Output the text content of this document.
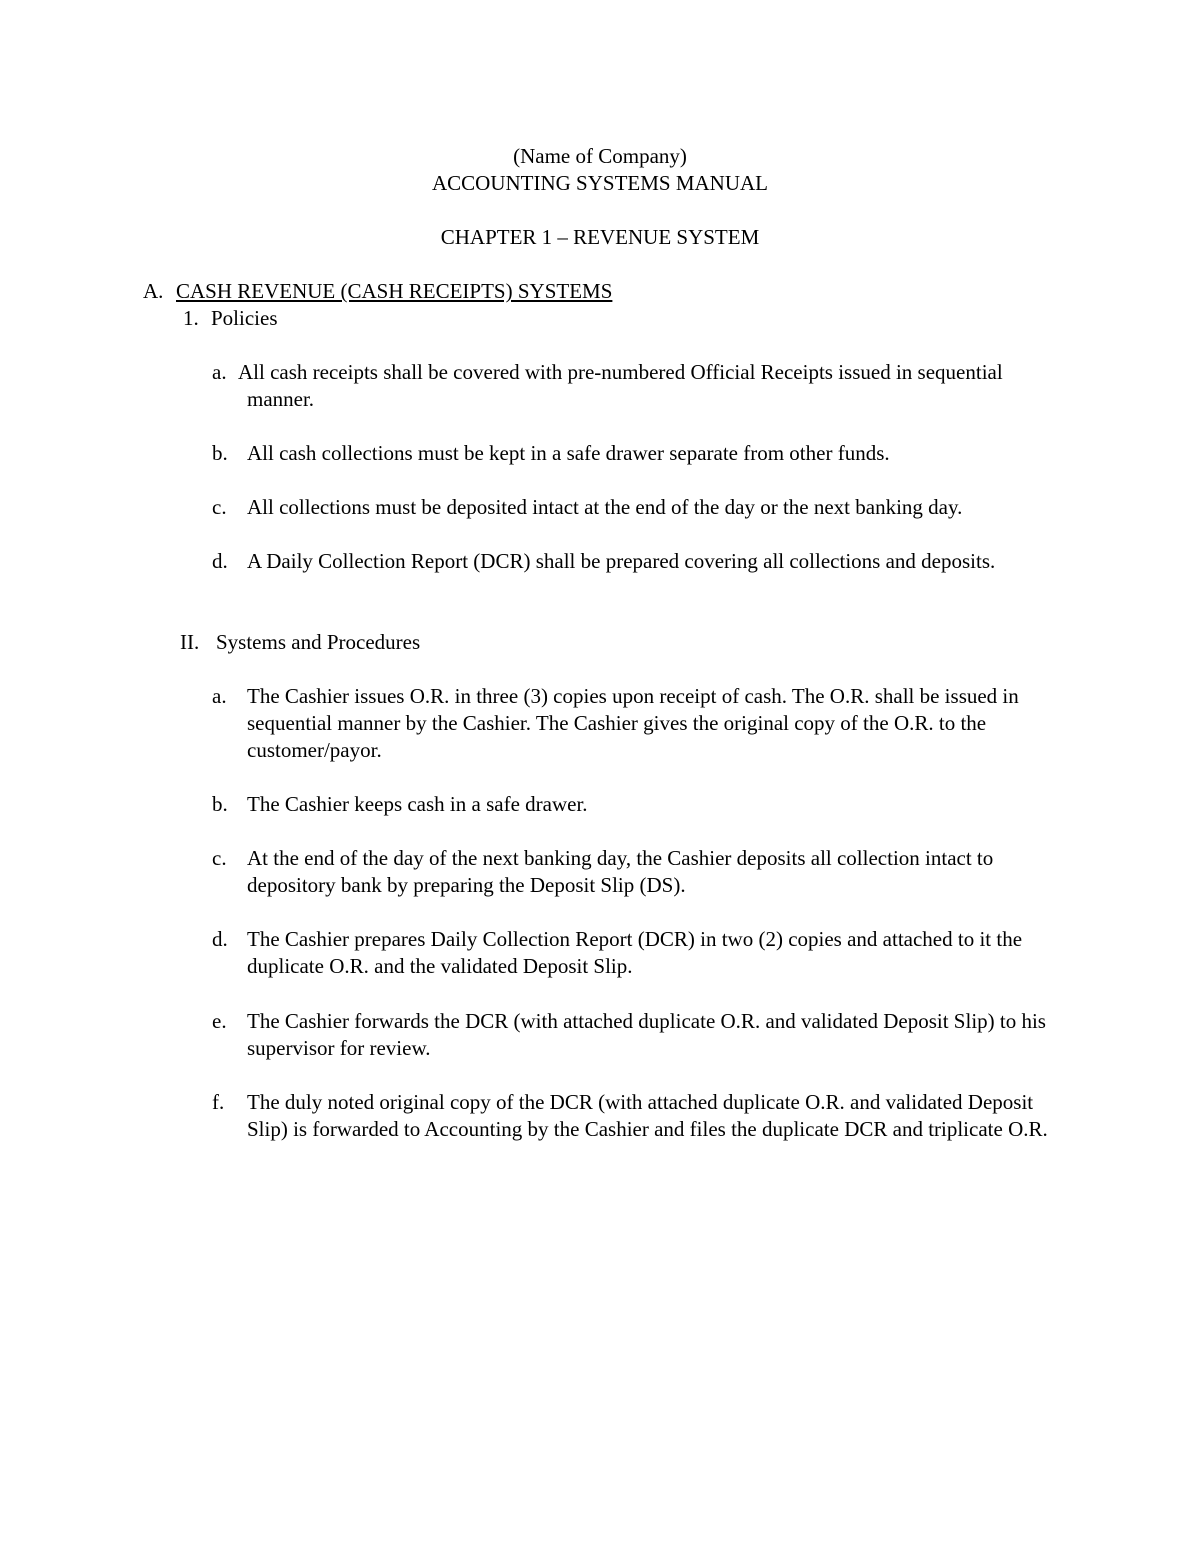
(Name of Company)
ACCOUNTING SYSTEMS MANUAL
CHAPTER 1 – REVENUE SYSTEM
A. CASH REVENUE (CASH RECEIPTS) SYSTEMS
1. Policies
a. All cash receipts shall be covered with pre-numbered Official Receipts issued in sequential manner.
b. All cash collections must be kept in a safe drawer separate from other funds.
c. All collections must be deposited intact at the end of the day or the next banking day.
d. A Daily Collection Report (DCR) shall be prepared covering all collections and deposits.
II. Systems and Procedures
a. The Cashier issues O.R. in three (3) copies upon receipt of cash. The O.R. shall be issued in sequential manner by the Cashier. The Cashier gives the original copy of the O.R. to the customer/payor.
b. The Cashier keeps cash in a safe drawer.
c. At the end of the day of the next banking day, the Cashier deposits all collection intact to depository bank by preparing the Deposit Slip (DS).
d. The Cashier prepares Daily Collection Report (DCR) in two (2) copies and attached to it the duplicate O.R. and the validated Deposit Slip.
e. The Cashier forwards the DCR (with attached duplicate O.R. and validated Deposit Slip) to his supervisor for review.
f. The duly noted original copy of the DCR (with attached duplicate O.R. and validated Deposit Slip) is forwarded to Accounting by the Cashier and files the duplicate DCR and triplicate O.R.
